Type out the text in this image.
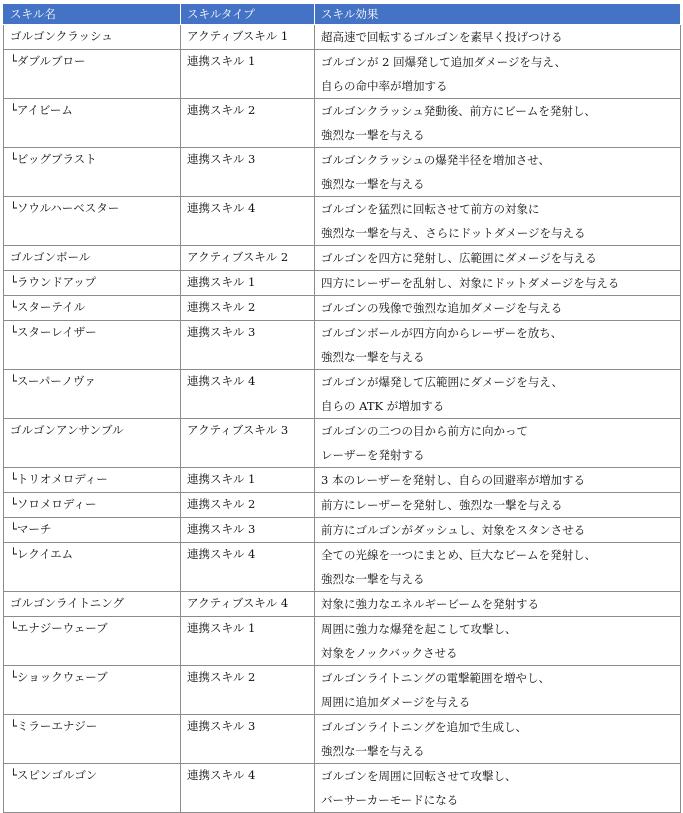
スキル名	スキルタイプ	スキル効果
ゴルゴンクラッシュ	アクティブスキル 1	超高速で回転するゴルゴンを素早く投げつける

└ダブルブロー	連携スキル 1	ゴルゴンが 2 回爆発して追加ダメージを与え、
自らの命中率が増加する

└アイビーム	連携スキル 2	ゴルゴンクラッシュ発動後、前方にビームを発射し、
強烈な一撃を与える

└ビッグブラスト	連携スキル 3	ゴルゴンクラッシュの爆発半径を増加させ、
強烈な一撃を与える

└ソウルハーベスター	連携スキル 4	ゴルゴンを猛烈に回転させて前方の対象に
強烈な一撃を与え、さらにドットダメージを与える

ゴルゴンボール	アクティブスキル 2	ゴルゴンを四方に発射し、広範囲にダメージを与える

└ラウンドアップ	連携スキル 1	四方にレーザーを乱射し、対象にドットダメージを与える

└スターテイル	連携スキル 2	ゴルゴンの残像で強烈な追加ダメージを与える

└スターレイザー	連携スキル 3	ゴルゴンボールが四方向からレーザーを放ち、
強烈な一撃を与える

└スーパーノヴァ	連携スキル 4	ゴルゴンが爆発して広範囲にダメージを与え、
自らの ATK が増加する

ゴルゴンアンサンブル	アクティブスキル 3	ゴルゴンの二つの目から前方に向かって
レーザーを発射する

└トリオメロディー	連携スキル 1	3 本のレーザーを発射し、自らの回避率が増加する

└ソロメロディー	連携スキル 2	前方にレーザーを発射し、強烈な一撃を与える

└マーチ	連携スキル 3	前方にゴルゴンがダッシュし、対象をスタンさせる

└レクイエム	連携スキル 4	全ての光線を一つにまとめ、巨大なビームを発射し、
強烈な一撃を与える

ゴルゴンライトニング	アクティブスキル 4	対象に強力なエネルギービームを発射する

└エナジーウェーブ	連携スキル 1	周囲に強力な爆発を起こして攻撃し、
対象をノックバックさせる

└ショックウェーブ	連携スキル 2	ゴルゴンライトニングの電撃範囲を増やし、
周囲に追加ダメージを与える

└ミラーエナジー	連携スキル 3	ゴルゴンライトニングを追加で生成し、
強烈な一撃を与える

└スピンゴルゴン	連携スキル 4	ゴルゴンを周囲に回転させて攻撃し、
バーサーカーモードになる
